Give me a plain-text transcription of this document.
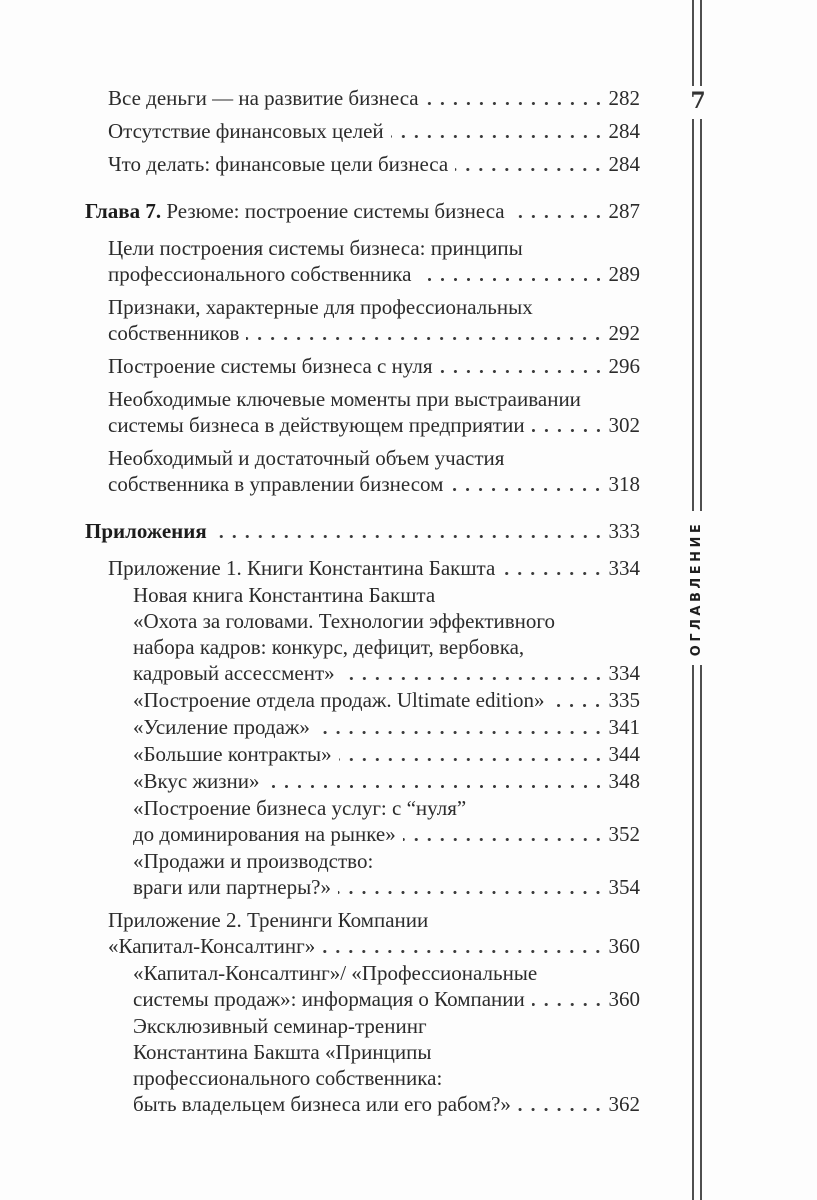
Все деньги — на развитие бизнеса	282
Отсутствие финансовых целей	284
Что делать: финансовые цели бизнеса	284
Глава 7. Резюме: построение системы бизнеса	287
Цели построения системы бизнеса: принципы
профессионального собственника	289
Признаки, характерные для профессиональных
собственников	292
Построение системы бизнеса с нуля	296
Необходимые ключевые моменты при выстраивании
системы бизнеса в действующем предприятии	302
Необходимый и достаточный объем участия
собственника в управлении бизнесом	318
Приложения	333
Приложение 1. Книги Константина Бакшта	334
Новая книга Константина Бакшта
«Охота за головами. Технологии эффективного
набора кадров: конкурс, дефицит, вербовка,
кадровый ассессмент»	334
«Построение отдела продаж. Ultimate edition»	335
«Усиление продаж»	341
«Большие контракты»	344
«Вкус жизни»	348
«Построение бизнеса услуг: с “нуля”
до доминирования на рынке»	352
«Продажи и производство:
враги или партнеры?»	354
Приложение 2. Тренинги Компании
«Капитал-Консалтинг»	360
«Капитал-Консалтинг»/ «Профессиональные
системы продаж»: информация о Компании	360
Эксклюзивный семинар-тренинг
Константина Бакшта «Принципы
профессионального собственника:
быть владельцем бизнеса или его рабом?»	362
7
ОГЛАВЛЕНИЕ
